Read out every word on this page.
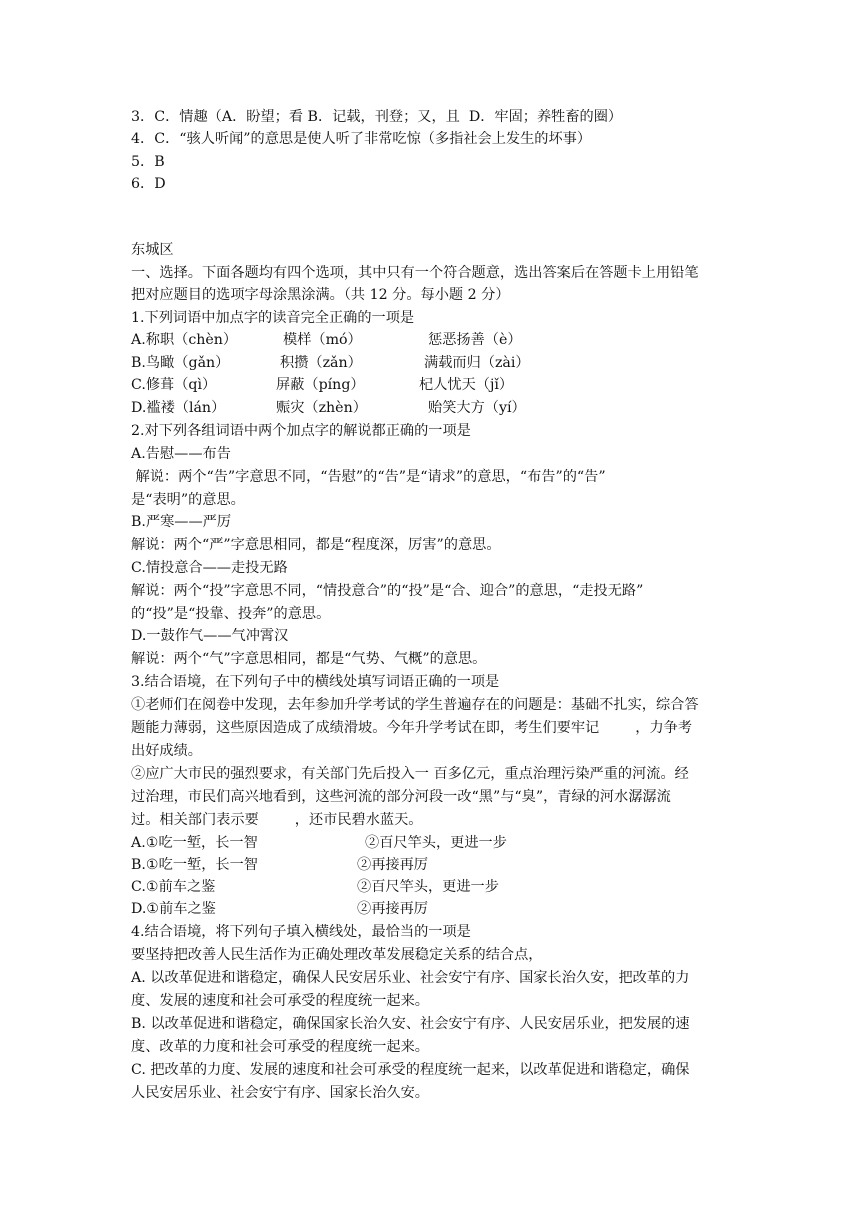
3．C．情趣（A．盼望；看 B．记载，刊登；又，且  D．牢固；养牲畜的圈）
4．C．“骇人听闻”的意思是使人听了非常吃惊（多指社会上发生的坏事）
5．B
6．D
东城区
一、选择。下面各题均有四个选项，其中只有一个符合题意，选出答案后在答题卡上用铅笔
把对应题目的选项字母涂黑涂满。（共 12 分。每小题 2 分）
1.下列词语中加点字的读音完全正确的一项是
A.称职（chèn）	模样（mó）	惩恶扬善（è）
B.鸟瞰（gǎn）	积攒（zǎn）	满载而归（zài）
C.修葺（qì）	屏蔽（píng）	杞人忧天（jǐ）
D.褴褛（lán）	赈灾（zhèn）	贻笑大方（yí）
2.对下列各组词语中两个加点字的解说都正确的一项是
A.告慰——布告
解说：两个“告”字意思不同，“告慰”的“告”是“请求”的意思，“布告”的“告”
是“表明”的意思。
B.严寒——严厉
解说：两个“严”字意思相同，都是“程度深，厉害”的意思。
C.情投意合——走投无路
解说：两个“投”字意思不同，“情投意合”的“投”是“合、迎合”的意思，“走投无路”
的“投”是“投靠、投奔”的意思。
D.一鼓作气——气冲霄汉
解说：两个“气”字意思相同，都是“气势、气概”的意思。
3.结合语境，在下列句子中的横线处填写词语正确的一项是
①老师们在阅卷中发现，去年参加升学考试的学生普遍存在的问题是：基础不扎实，综合答
题能力薄弱，这些原因造成了成绩滑坡。今年升学考试在即，考生们要牢记        ，力争考
出好成绩。
②应广大市民的强烈要求，有关部门先后投入一 百多亿元，重点治理污染严重的河流。经
过治理，市民们高兴地看到，这些河流的部分河段一改“黑”与“臭”，青绿的河水潺潺流
过。相关部门表示要        ，还市民碧水蓝天。
A.①吃一堑，长一智	②百尺竿头，更进一步
B.①吃一堑，长一智	②再接再厉
C.①前车之鉴	②百尺竿头，更进一步
D.①前车之鉴	②再接再厉
4.结合语境，将下列句子填入横线处，最恰当的一项是
要坚持把改善人民生活作为正确处理改革发展稳定关系的结合点，
A. 以改革促进和谐稳定，确保人民安居乐业、社会安宁有序、国家长治久安，把改革的力
度、发展的速度和社会可承受的程度统一起来。
B. 以改革促进和谐稳定，确保国家长治久安、社会安宁有序、人民安居乐业，把发展的速
度、改革的力度和社会可承受的程度统一起来。
C. 把改革的力度、发展的速度和社会可承受的程度统一起来，以改革促进和谐稳定，确保
人民安居乐业、社会安宁有序、国家长治久安。
